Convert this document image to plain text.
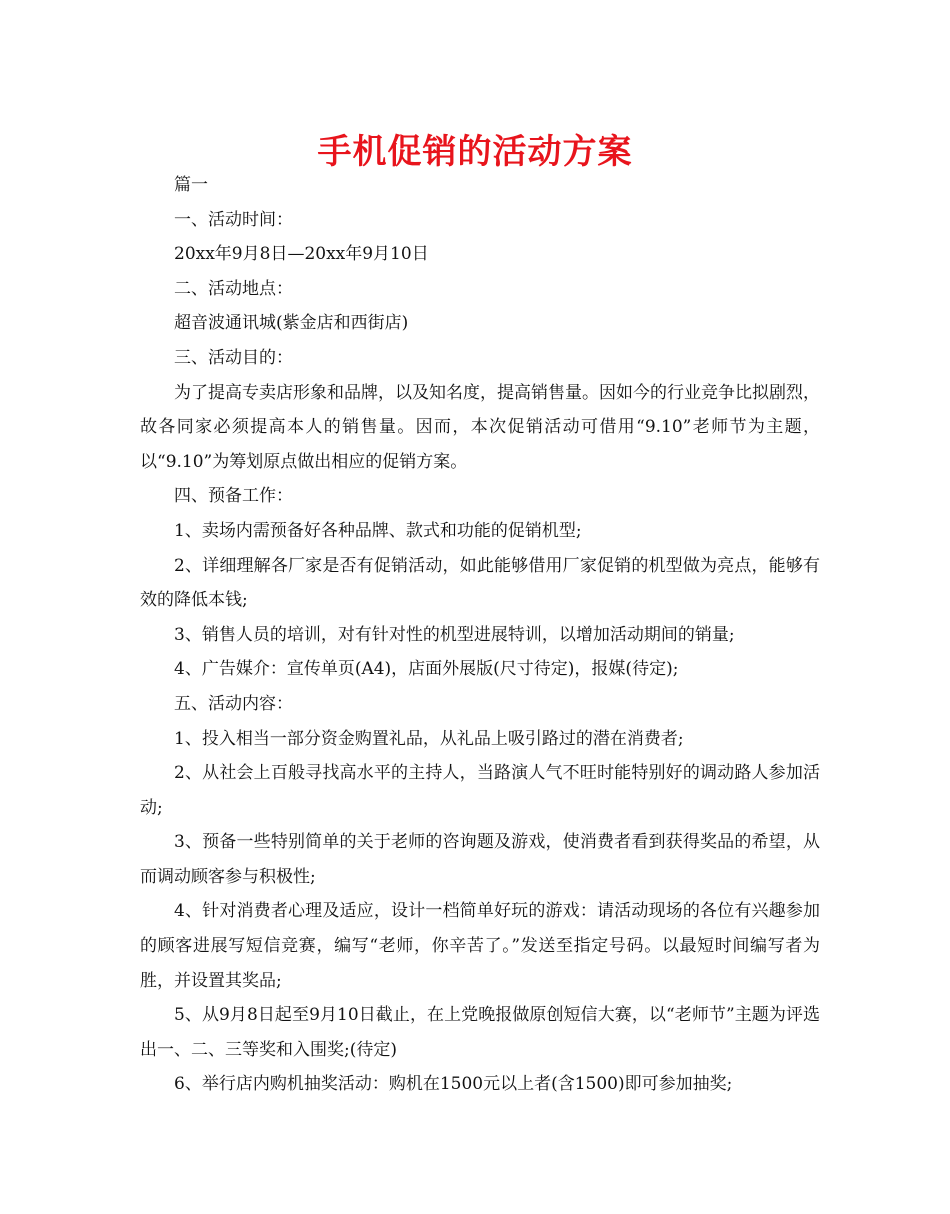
手机促销的活动方案

篇一

一、活动时间：

20xx年9月8日—20xx年9月10日

二、活动地点：

超音波通讯城(紫金店和西街店)

三、活动目的：

为了提高专卖店形象和品牌，以及知名度，提高销售量。因如今的行业竞争比拟剧烈，故各同家必须提高本人的销售量。因而，本次促销活动可借用“9.10”老师节为主题，以“9.10”为筹划原点做出相应的促销方案。

四、预备工作：

1、卖场内需预备好各种品牌、款式和功能的促销机型;

2、详细理解各厂家是否有促销活动，如此能够借用厂家促销的机型做为亮点，能够有效的降低本钱;

3、销售人员的培训，对有针对性的机型进展特训，以增加活动期间的销量;

4、广告媒介：宣传单页(A4)，店面外展版(尺寸待定)，报媒(待定);

五、活动内容：

1、投入相当一部分资金购置礼品，从礼品上吸引路过的潜在消费者;

2、从社会上百般寻找高水平的主持人，当路演人气不旺时能特别好的调动路人参加活动;

3、预备一些特别简单的关于老师的咨询题及游戏，使消费者看到获得奖品的希望，从而调动顾客参与积极性;

4、针对消费者心理及适应，设计一档简单好玩的游戏：请活动现场的各位有兴趣参加的顾客进展写短信竞赛，编写“老师，你辛苦了。”发送至指定号码。以最短时间编写者为胜，并设置其奖品;

5、从9月8日起至9月10日截止，在上党晚报做原创短信大赛，以“老师节”主题为评选出一、二、三等奖和入围奖;(待定)

6、举行店内购机抽奖活动：购机在1500元以上者(含1500)即可参加抽奖;
